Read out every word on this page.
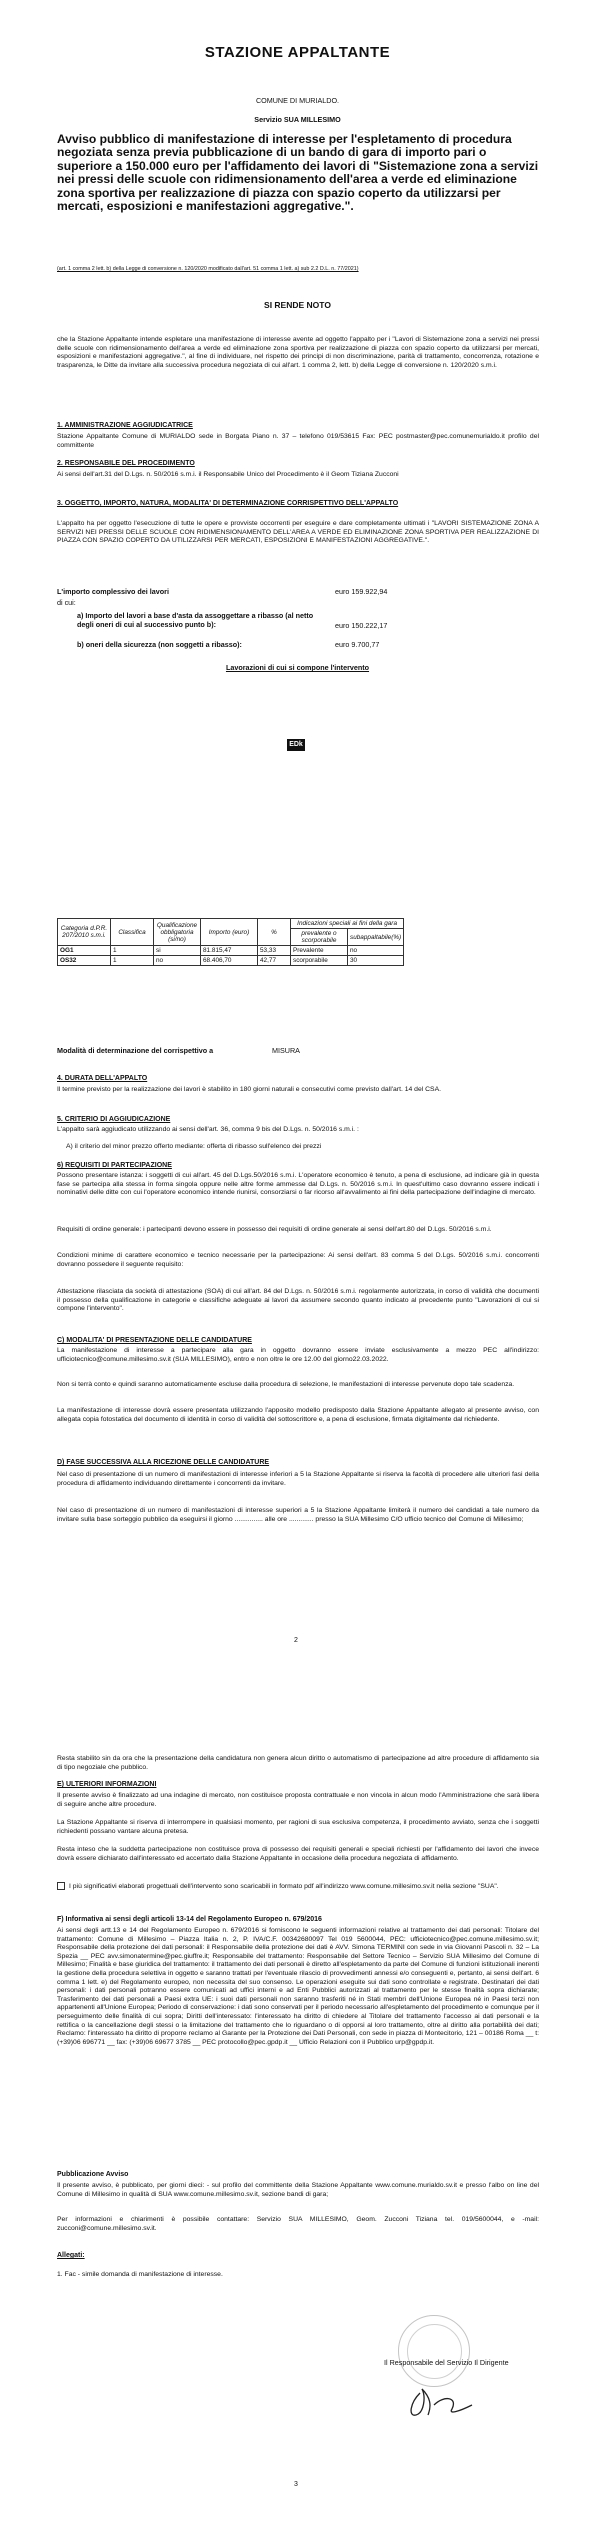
STAZIONE APPALTANTE
COMUNE DI MURIALDO.
Servizio SUA MILLESIMO
Avviso pubblico di manifestazione di interesse per l'espletamento di procedura negoziata senza previa pubblicazione di un bando di gara di importo pari o superiore a 150.000 euro per l'affidamento dei lavori di "Sistemazione zona a servizi nei pressi delle scuole con ridimensionamento dell'area a verde ed eliminazione zona sportiva per realizzazione di piazza con spazio coperto da utilizzarsi per mercati, esposizioni e manifestazioni aggregative.".
(art. 1 comma 2 lett. b) della Legge di conversione n. 120/2020 modificato dall'art. 51 comma 1 lett. a) sub 2.2 D.L. n. 77/2021)
SI RENDE NOTO
che la Stazione Appaltante intende espletare una manifestazione di interesse avente ad oggetto l'appalto per i "Lavori di Sistemazione zona a servizi nei pressi delle scuole con ridimensionamento dell'area a verde ed eliminazione zona sportiva per realizzazione di piazza con spazio coperto da utilizzarsi per mercati, esposizioni e manifestazioni aggregative.", al fine di individuare, nel rispetto dei principi di non discriminazione, parità di trattamento, concorrenza, rotazione e trasparenza, le Ditte da invitare alla successiva procedura negoziata di cui all'art. 1 comma 2, lett. b) della Legge di conversione n. 120/2020 s.m.i.
1. AMMINISTRAZIONE AGGIUDICATRICE
Stazione Appaltante Comune di MURIALDO sede in Borgata Piano n. 37 – telefono 019/53615 Fax: PEC postmaster@pec.comunemurialdo.it profilo del committente
2. RESPONSABILE DEL PROCEDIMENTO
Ai sensi dell'art.31 del D.Lgs. n. 50/2016 s.m.i. il Responsabile Unico del Procedimento è il Geom Tiziana Zucconi
3. OGGETTO, IMPORTO, NATURA, MODALITA' DI DETERMINAZIONE CORRISPETTIVO DELL'APPALTO
L'appalto ha per oggetto l'esecuzione di tutte le opere e provviste occorrenti per eseguire e dare completamente ultimati i "LAVORI SISTEMAZIONE ZONA A SERVIZI NEI PRESSI DELLE SCUOLE CON RIDIMENSIONAMENTO DELL'AREA A VERDE ED ELIMINAZIONE ZONA SPORTIVA PER REALIZZAZIONE DI PIAZZA CON SPAZIO COPERTO DA UTILIZZARSI PER MERCATI, ESPOSIZIONI E MANIFESTAZIONI AGGREGATIVE.".
L'importo complessivo dei lavori	euro 159.922,94
di cui:
a) Importo del lavori a base d'asta da assoggettare a ribasso (al netto degli oneri di cui al successivo punto b):	euro 150.222,17
b) oneri della sicurezza (non soggetti a ribasso):	euro 9.700,77
Lavorazioni di cui si compone l'intervento
EDk
Categoria d.P.R. 207/2010 s.m.i.	Classifica	Qualificazione obbligatoria (si/no)	Importo (euro)	%	Indicazioni speciali ai fini della gara	
					prevalente o scorporabile	subappaltabile(%)
OG1	1	si	81.815,47	53,33	Prevalente	no
OS32	1	no	68.406,70	42,77	scorporabile	30
Modalità di determinazione del corrispettivo a	MISURA
4. DURATA DELL'APPALTO
Il termine previsto per la realizzazione dei lavori è stabilito in 180 giorni naturali e consecutivi come previsto dall'art. 14 del CSA.
5. CRITERIO DI AGGIUDICAZIONE
L'appalto sarà aggiudicato utilizzando ai sensi dell'art. 36, comma 9 bis del D.Lgs. n. 50/2016 s.m.i. :
A) il criterio del minor prezzo offerto mediante: offerta di ribasso sull'elenco dei prezzi
6) REQUISITI DI PARTECIPAZIONE
Possono presentare istanza: i soggetti di cui all'art. 45 del D.Lgs.50/2016 s.m.i. L'operatore economico è tenuto, a pena di esclusione, ad indicare già in questa fase se partecipa alla stessa in forma singola oppure nelle altre forme ammesse dal D.Lgs. n. 50/2016 s.m.i. In quest'ultimo caso dovranno essere indicati i nominativi delle ditte con cui l'operatore economico intende riunirsi, consorziarsi o far ricorso all'avvalimento ai fini della partecipazione dell'indagine di mercato.
Requisiti di ordine generale: i partecipanti devono essere in possesso dei requisiti di ordine generale ai sensi dell'art.80 del D.Lgs. 50/2016 s.m.i.
Condizioni minime di carattere economico e tecnico necessarie per la partecipazione: Ai sensi dell'art. 83 comma 5 del D.Lgs. 50/2016 s.m.i. concorrenti dovranno possedere il seguente requisito:
Attestazione rilasciata da società di attestazione (SOA) di cui all'art. 84 del D.Lgs. n. 50/2016 s.m.i. regolarmente autorizzata, in corso di validità che documenti il possesso della qualificazione in categorie e classifiche adeguate ai lavori da assumere secondo quanto indicato al precedente punto "Lavorazioni di cui si compone l'intervento".
C) MODALITA' DI PRESENTAZIONE DELLE CANDIDATURE
La manifestazione di interesse a partecipare alla gara in oggetto dovranno essere inviate esclusivamente a mezzo PEC all'indirizzo: ufficiotecnico@comune.millesimo.sv.it (SUA MILLESIMO), entro e non oltre le ore 12.00 del giorno22.03.2022.
Non si terrà conto e quindi saranno automaticamente escluse dalla procedura di selezione, le manifestazioni di interesse pervenute dopo tale scadenza.
La manifestazione di interesse dovrà essere presentata utilizzando l'apposito modello predisposto dalla Stazione Appaltante allegato al presente avviso, con allegata copia fotostatica del documento di identità in corso di validità del sottoscrittore e, a pena di esclusione, firmata digitalmente dal richiedente.
D) FASE SUCCESSIVA ALLA RICEZIONE DELLE CANDIDATURE
Nel caso di presentazione di un numero di manifestazioni di interesse inferiori a 5 la Stazione Appaltante si riserva la facoltà di procedere alle ulteriori fasi della procedura di affidamento individuando direttamente i concorrenti da invitare.
Nel caso di presentazione di un numero di manifestazioni di interesse superiori a 5 la Stazione Appaltante limiterà il numero dei candidati a tale numero da invitare sulla base sorteggio pubblico da eseguirsi il giorno ............... alle ore ............. presso la SUA Millesimo C/O ufficio tecnico del Comune di Millesimo;
2
Resta stabilito sin da ora che la presentazione della candidatura non genera alcun diritto o automatismo di partecipazione ad altre procedure di affidamento sia di tipo negoziale che pubblico.
E) ULTERIORI INFORMAZIONI
Il presente avviso è finalizzato ad una indagine di mercato, non costituisce proposta contrattuale e non vincola in alcun modo l'Amministrazione che sarà libera di seguire anche altre procedure.
La Stazione Appaltante si riserva di interrompere in qualsiasi momento, per ragioni di sua esclusiva competenza, il procedimento avviato, senza che i soggetti richiedenti possano vantare alcuna pretesa.
Resta inteso che la suddetta partecipazione non costituisce prova di possesso dei requisiti generali e speciali richiesti per l'affidamento dei lavori che invece dovrà essere dichiarato dall'interessato ed accertato dalla Stazione Appaltante in occasione della procedura negoziata di affidamento.
I più significativi elaborati progettuali dell'intervento sono scaricabili in formato pdf all'indirizzo www.comune.millesimo.sv.it nella sezione "SUA".
F) Informativa ai sensi degli articoli 13-14 del Regolamento Europeo n. 679/2016
Ai sensi degli artt.13 e 14 del Regolamento Europeo n. 679/2016 si forniscono le seguenti informazioni relative al trattamento dei dati personali: Titolare del trattamento: Comune di Millesimo – Piazza Italia n. 2, P. IVA/C.F. 00342680097 Tel 019 5600044, PEC: ufficiotecnico@pec.comune.millesimo.sv.it; Responsabile della protezione dei dati personali: il Responsabile della protezione dei dati è AVV. Simona TERMINI con sede in via Giovanni Pascoli n. 32 – La Spezia __ PEC avv.simonatermine@pec.giuffre.it; Responsabile del trattamento: Responsabile del Settore Tecnico – Servizio SUA Millesimo del Comune di Millesimo; Finalità e base giuridica del trattamento: il trattamento dei dati personali è diretto all'espletamento da parte del Comune di funzioni istituzionali inerenti la gestione della procedura selettiva in oggetto e saranno trattati per l'eventuale rilascio di provvedimenti annessi e/o conseguenti e, pertanto, ai sensi dell'art. 6 comma 1 lett. e) del Regolamento europeo, non necessita del suo consenso. Le operazioni eseguite sui dati sono controllate e registrate. Destinatari dei dati personali: i dati personali potranno essere comunicati ad uffici interni e ad Enti Pubblici autorizzati al trattamento per le stesse finalità sopra dichiarate; Trasferimento dei dati personali a Paesi extra UE: i suoi dati personali non saranno trasferiti né in Stati membri dell'Unione Europea né in Paesi terzi non appartenenti all'Unione Europea; Periodo di conservazione: i dati sono conservati per il periodo necessario all'espletamento del procedimento e comunque per il perseguimento delle finalità di cui sopra; Diritti dell'interessato: l'interessato ha diritto di chiedere al Titolare del trattamento l'accesso ai dati personali e la rettifica o la cancellazione degli stessi o la limitazione del trattamento che lo riguardano o di opporsi al loro trattamento, oltre al diritto alla portabilità dei dati; Reclamo: l'interessato ha diritto di proporre reclamo al Garante per la Protezione dei Dati Personali, con sede in piazza di Montecitorio, 121 – 00186 Roma __ t: (+39)06 696771 __ fax: (+39)06 69677 3785 __ PEC protocollo@pec.gpdp.it __ Ufficio Relazioni con il Pubblico urp@gpdp.it.
Pubblicazione Avviso
Il presente avviso, è pubblicato, per giorni dieci: - sul profilo del committente della Stazione Appaltante www.comune.murialdo.sv.it e presso l'albo on line del Comune di Millesimo in qualità di SUA www.comune.millesimo.sv.it, sezione bandi di gara;
Per informazioni e chiarimenti è possibile contattare: Servizio SUA MILLESIMO, Geom. Zucconi Tiziana tel. 019/5600044, e -mail: zucconi@comune.millesimo.sv.it.
Allegati:
1. Fac - simile domanda di manifestazione di interesse.
Il Responsabile del Servizio Il Dirigente
3
